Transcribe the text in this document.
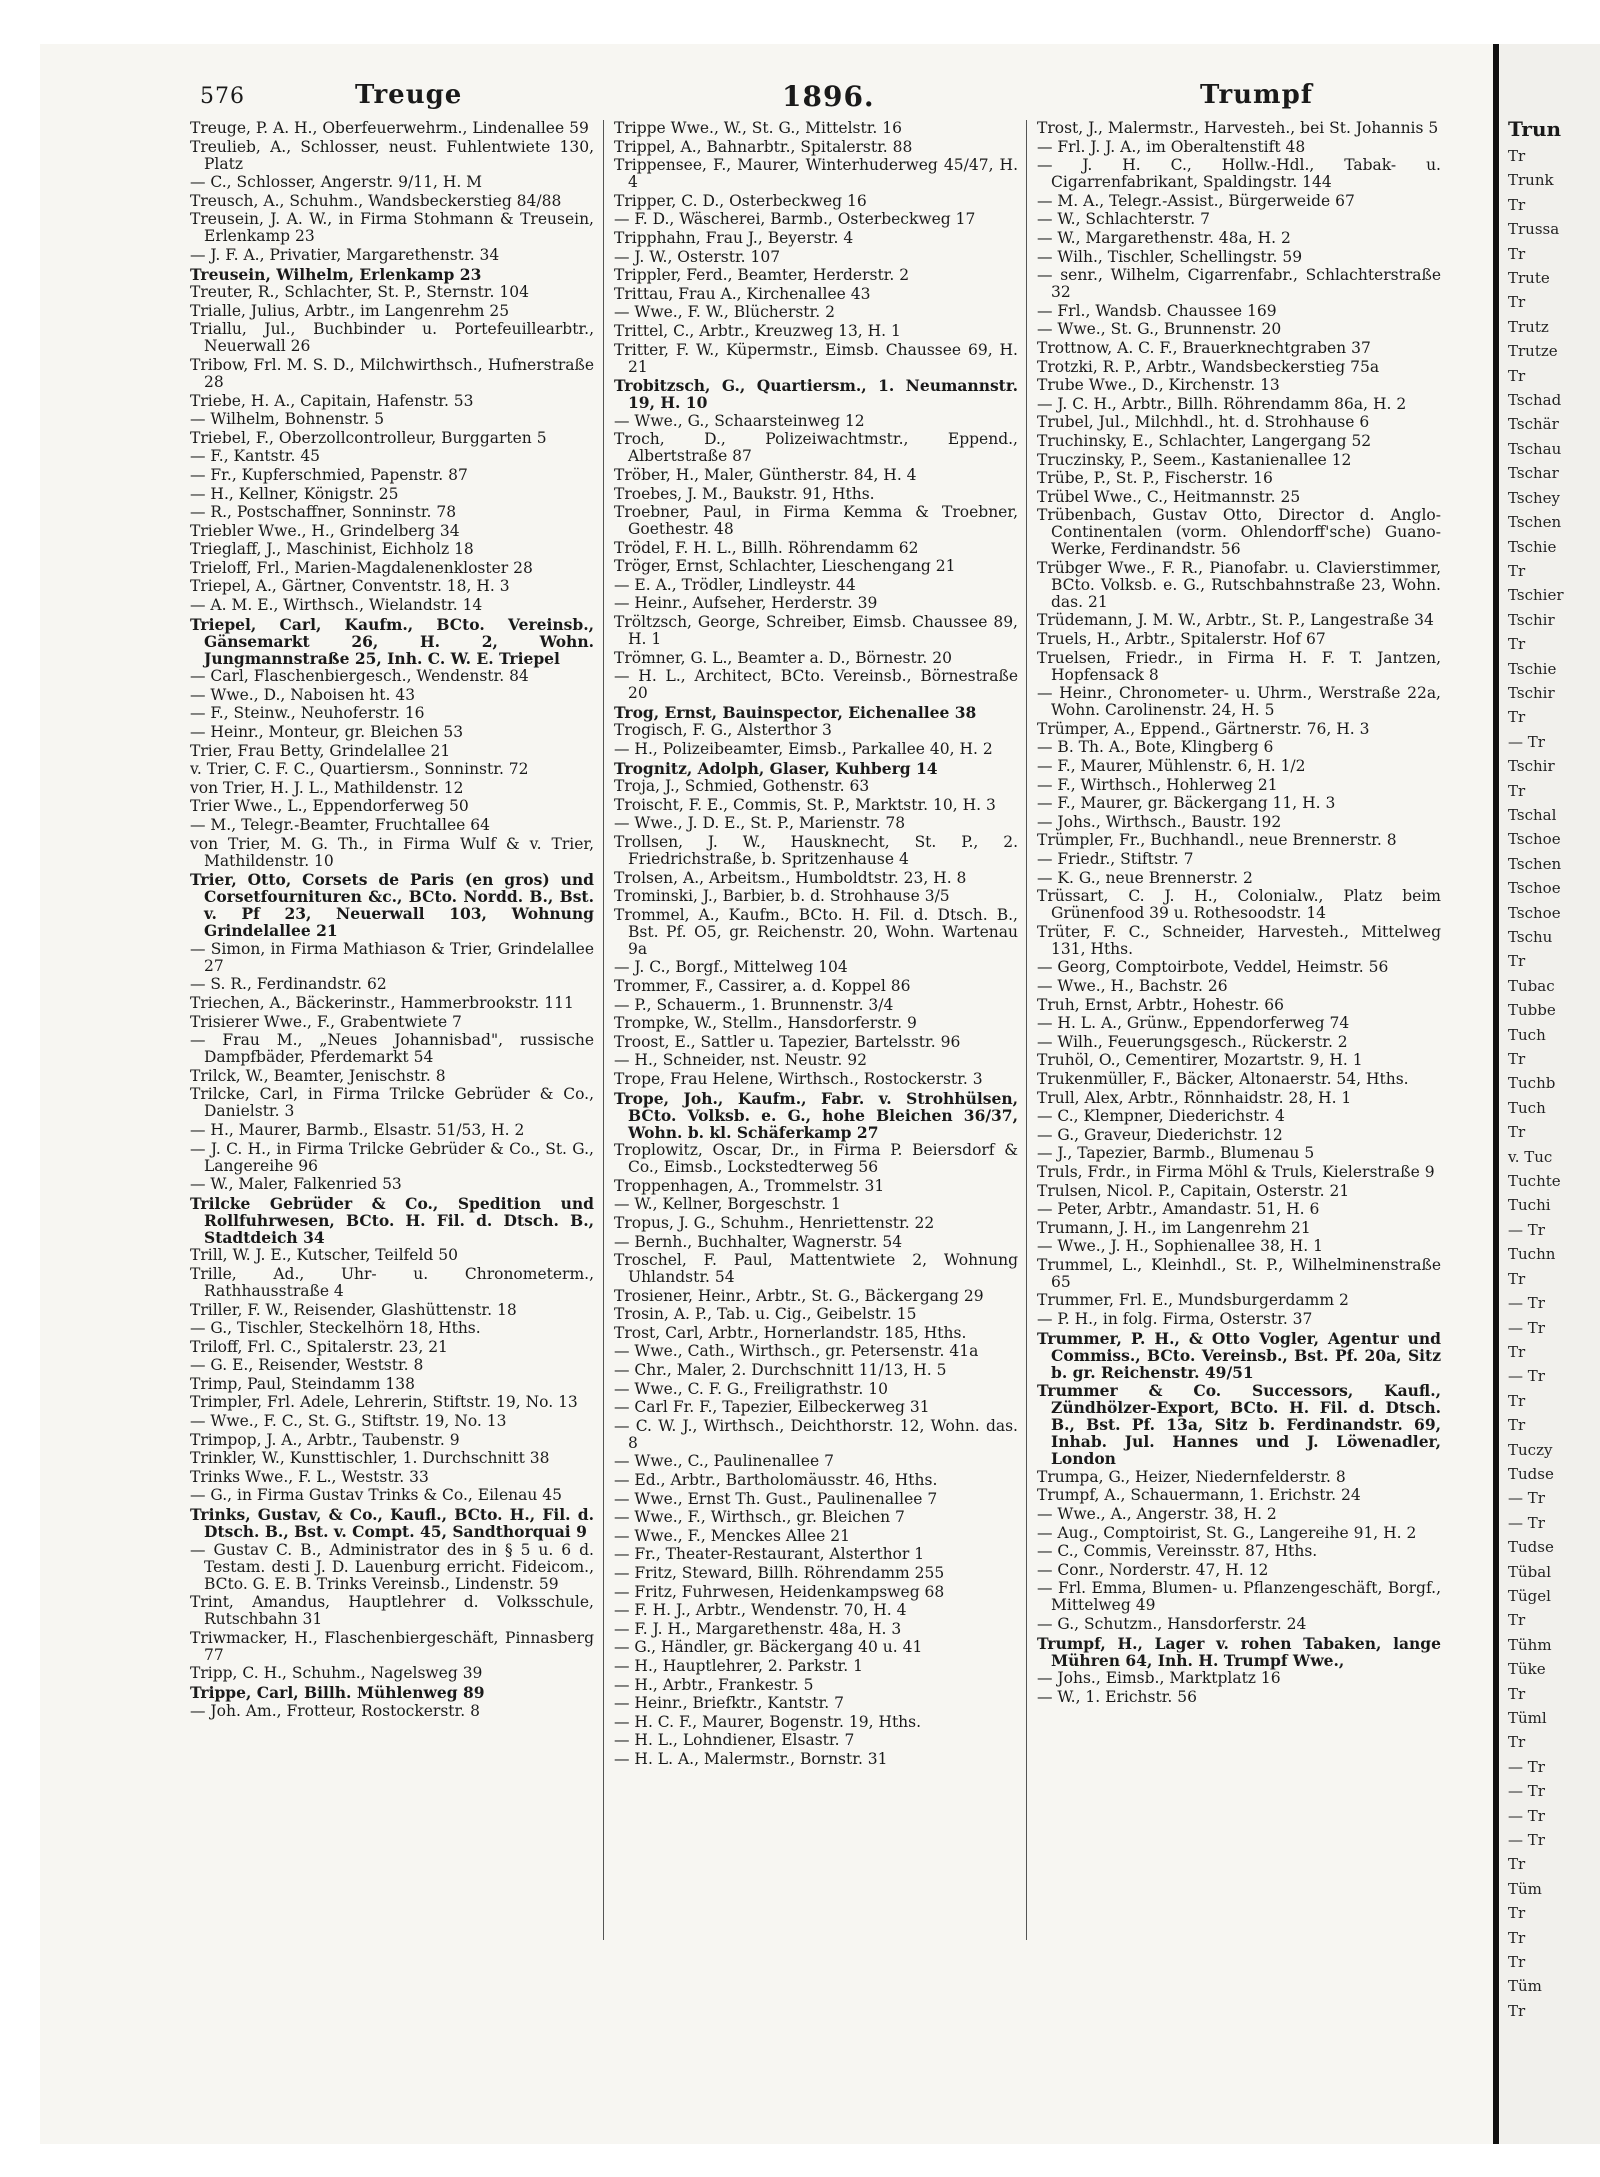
Trun
Tr
Trunk
Tr
Trussa
Tr
Trute
Tr
Trutz
Trutze
Tr
Tschad
Tschär
Tschau
Tschar
Tschey
Tschen
Tschie
Tr
Tschier
Tschir
Tr
Tschie
Tschir
Tr
— Tr
Tschir
Tr
Tschal
Tschoe
Tschen
Tschoe
Tschoe
Tschu
Tr
Tubac
Tubbe
Tuch
Tr
Tuchb
Tuch
Tr
v. Tuc
Tuchte
Tuchi
— Tr
Tuchn
Tr
— Tr
— Tr
Tr
— Tr
Tr
Tr
Tuczy
Tudse
— Tr
— Tr
Tudse
Tübal
Tügel
Tr
Tühm
Tüke
Tr
Tüml
Tr
— Tr
— Tr
— Tr
— Tr
Tr
Tüm
Tr
Tr
Tr
Tüm
Tr
576	Treuge	1896.	Trumpf
Treuge, P. A. H., Oberfeuerwehrm., Lindenallee 59
Treulieb, A., Schlosser, neust. Fuhlentwiete 130, Platz
— C., Schlosser, Angerstr. 9/11, H. M
Treusch, A., Schuhm., Wandsbeckerstieg 84/88
Treusein, J. A. W., in Firma Stohmann & Treusein, Erlenkamp 23
— J. F. A., Privatier, Margarethenstr. 34
Treusein, Wilhelm, Erlenkamp 23
Treuter, R., Schlachter, St. P., Sternstr. 104
Trialle, Julius, Arbtr., im Langenrehm 25
Triallu, Jul., Buchbinder u. Portefeuillearbtr., Neuerwall 26
Tribow, Frl. M. S. D., Milchwirthsch., Hufnerstraße 28
Triebe, H. A., Capitain, Hafenstr. 53
— Wilhelm, Bohnenstr. 5
Triebel, F., Oberzollcontrolleur, Burggarten 5
— F., Kantstr. 45
— Fr., Kupferschmied, Papenstr. 87
— H., Kellner, Königstr. 25
— R., Postschaffner, Sonninstr. 78
Triebler Wwe., H., Grindelberg 34
Trieglaff, J., Maschinist, Eichholz 18
Trieloff, Frl., Marien-Magdalenenkloster 28
Triepel, A., Gärtner, Conventstr. 18, H. 3
— A. M. E., Wirthsch., Wielandstr. 14
Triepel, Carl, Kaufm., BCto. Vereinsb., Gänsemarkt 26, H. 2, Wohn. Jungmannstraße 25, Inh. C. W. E. Triepel
— Carl, Flaschenbiergesch., Wendenstr. 84
— Wwe., D., Naboisen ht. 43
— F., Steinw., Neuhoferstr. 16
— Heinr., Monteur, gr. Bleichen 53
Trier, Frau Betty, Grindelallee 21
v. Trier, C. F. C., Quartiersm., Sonninstr. 72
von Trier, H. J. L., Mathildenstr. 12
Trier Wwe., L., Eppendorferweg 50
— M., Telegr.-Beamter, Fruchtallee 64
von Trier, M. G. Th., in Firma Wulf & v. Trier, Mathildenstr. 10
Trier, Otto, Corsets de Paris (en gros) und Corsetfournituren &c., BCto. Nordd. B., Bst. v. Pf 23, Neuerwall 103, Wohnung Grindelallee 21
— Simon, in Firma Mathiason & Trier, Grindelallee 27
— S. R., Ferdinandstr. 62
Triechen, A., Bäckerinstr., Hammerbrookstr. 111
Trisierer Wwe., F., Grabentwiete 7
— Frau M., „Neues Johannisbad", russische Dampfbäder, Pferdemarkt 54
Trilck, W., Beamter, Jenischstr. 8
Trilcke, Carl, in Firma Trilcke Gebrüder & Co., Danielstr. 3
— H., Maurer, Barmb., Elsastr. 51/53, H. 2
— J. C. H., in Firma Trilcke Gebrüder & Co., St. G., Langereihe 96
— W., Maler, Falkenried 53
Trilcke Gebrüder & Co., Spedition und Rollfuhrwesen, BCto. H. Fil. d. Dtsch. B., Stadtdeich 34
Trill, W. J. E., Kutscher, Teilfeld 50
Trille, Ad., Uhr- u. Chronometerm., Rathhausstraße 4
Triller, F. W., Reisender, Glashüttenstr. 18
— G., Tischler, Steckelhörn 18, Hths.
Triloff, Frl. C., Spitalerstr. 23, 21
— G. E., Reisender, Weststr. 8
Trimp, Paul, Steindamm 138
Trimpler, Frl. Adele, Lehrerin, Stiftstr. 19, No. 13
— Wwe., F. C., St. G., Stiftstr. 19, No. 13
Trimpop, J. A., Arbtr., Taubenstr. 9
Trinkler, W., Kunsttischler, 1. Durchschnitt 38
Trinks Wwe., F. L., Weststr. 33
— G., in Firma Gustav Trinks & Co., Eilenau 45
Trinks, Gustav, & Co., Kaufl., BCto. H., Fil. d. Dtsch. B., Bst. v. Compt. 45, Sandthorquai 9
— Gustav C. B., Administrator des in § 5 u. 6 d. Testam. desti J. D. Lauenburg erricht. Fideicom., BCto. G. E. B. Trinks Vereinsb., Lindenstr. 59
Trint, Amandus, Hauptlehrer d. Volksschule, Rutschbahn 31
Triwmacker, H., Flaschenbiergeschäft, Pinnasberg 77
Tripp, C. H., Schuhm., Nagelsweg 39
Trippe, Carl, Billh. Mühlenweg 89
— Joh. Am., Frotteur, Rostockerstr. 8
Trippe Wwe., W., St. G., Mittelstr. 16
Trippel, A., Bahnarbtr., Spitalerstr. 88
Trippensee, F., Maurer, Winterhuderweg 45/47, H. 4
Tripper, C. D., Osterbeckweg 16
— F. D., Wäscherei, Barmb., Osterbeckweg 17
Tripphahn, Frau J., Beyerstr. 4
— J. W., Osterstr. 107
Trippler, Ferd., Beamter, Herderstr. 2
Trittau, Frau A., Kirchenallee 43
— Wwe., F. W., Blücherstr. 2
Trittel, C., Arbtr., Kreuzweg 13, H. 1
Tritter, F. W., Küpermstr., Eimsb. Chaussee 69, H. 21
Trobitzsch, G., Quartiersm., 1. Neumannstr. 19, H. 10
— Wwe., G., Schaarsteinweg 12
Troch, D., Polizeiwachtmstr., Eppend., Albertstraße 87
Tröber, H., Maler, Güntherstr. 84, H. 4
Troebes, J. M., Baukstr. 91, Hths.
Troebner, Paul, in Firma Kemma & Troebner, Goethestr. 48
Trödel, F. H. L., Billh. Röhrendamm 62
Tröger, Ernst, Schlachter, Lieschengang 21
— E. A., Trödler, Lindleystr. 44
— Heinr., Aufseher, Herderstr. 39
Tröltzsch, George, Schreiber, Eimsb. Chaussee 89, H. 1
Trömner, G. L., Beamter a. D., Börnestr. 20
— H. L., Architect, BCto. Vereinsb., Börnestraße 20
Trog, Ernst, Bauinspector, Eichenallee 38
Trogisch, F. G., Alsterthor 3
— H., Polizeibeamter, Eimsb., Parkallee 40, H. 2
Trognitz, Adolph, Glaser, Kuhberg 14
Troja, J., Schmied, Gothenstr. 63
Troischt, F. E., Commis, St. P., Marktstr. 10, H. 3
— Wwe., J. D. E., St. P., Marienstr. 78
Trollsen, J. W., Hausknecht, St. P., 2. Friedrichstraße, b. Spritzenhause 4
Trolsen, A., Arbeitsm., Humboldtstr. 23, H. 8
Trominski, J., Barbier, b. d. Strohhause 3/5
Trommel, A., Kaufm., BCto. H. Fil. d. Dtsch. B., Bst. Pf. O5, gr. Reichenstr. 20, Wohn. Wartenau 9a
— J. C., Borgf., Mittelweg 104
Trommer, F., Cassirer, a. d. Koppel 86
— P., Schauerm., 1. Brunnenstr. 3/4
Trompke, W., Stellm., Hansdorferstr. 9
Troost, E., Sattler u. Tapezier, Bartelsstr. 96
— H., Schneider, nst. Neustr. 92
Trope, Frau Helene, Wirthsch., Rostockerstr. 3
Trope, Joh., Kaufm., Fabr. v. Strohhülsen, BCto. Volksb. e. G., hohe Bleichen 36/37, Wohn. b. kl. Schäferkamp 27
Troplowitz, Oscar, Dr., in Firma P. Beiersdorf & Co., Eimsb., Lockstedterweg 56
Troppenhagen, A., Trommelstr. 31
— W., Kellner, Borgeschstr. 1
Tropus, J. G., Schuhm., Henriettenstr. 22
— Bernh., Buchhalter, Wagnerstr. 54
Troschel, F. Paul, Mattentwiete 2, Wohnung Uhlandstr. 54
Trosiener, Heinr., Arbtr., St. G., Bäckergang 29
Trosin, A. P., Tab. u. Cig., Geibelstr. 15
Trost, Carl, Arbtr., Hornerlandstr. 185, Hths.
— Wwe., Cath., Wirthsch., gr. Petersenstr. 41a
— Chr., Maler, 2. Durchschnitt 11/13, H. 5
— Wwe., C. F. G., Freiligrathstr. 10
— Carl Fr. F., Tapezier, Eilbeckerweg 31
— C. W. J., Wirthsch., Deichthorstr. 12, Wohn. das. 8
— Wwe., C., Paulinenallee 7
— Ed., Arbtr., Bartholomäusstr. 46, Hths.
— Wwe., Ernst Th. Gust., Paulinenallee 7
— Wwe., F., Wirthsch., gr. Bleichen 7
— Wwe., F., Menckes Allee 21
— Fr., Theater-Restaurant, Alsterthor 1
— Fritz, Steward, Billh. Röhrendamm 255
— Fritz, Fuhrwesen, Heidenkampsweg 68
— F. H. J., Arbtr., Wendenstr. 70, H. 4
— F. J. H., Margarethenstr. 48a, H. 3
— G., Händler, gr. Bäckergang 40 u. 41
— H., Hauptlehrer, 2. Parkstr. 1
— H., Arbtr., Frankestr. 5
— Heinr., Briefktr., Kantstr. 7
— H. C. F., Maurer, Bogenstr. 19, Hths.
— H. L., Lohndiener, Elsastr. 7
— H. L. A., Malermstr., Bornstr. 31
Trost, J., Malermstr., Harvesteh., bei St. Johannis 5
— Frl. J. J. A., im Oberaltenstift 48
— J. H. C., Hollw.-Hdl., Tabak- u. Cigarrenfabrikant, Spaldingstr. 144
— M. A., Telegr.-Assist., Bürgerweide 67
— W., Schlachterstr. 7
— W., Margarethenstr. 48a, H. 2
— Wilh., Tischler, Schellingstr. 59
— senr., Wilhelm, Cigarrenfabr., Schlachterstraße 32
— Frl., Wandsb. Chaussee 169
— Wwe., St. G., Brunnenstr. 20
Trottnow, A. C. F., Brauerknechtgraben 37
Trotzki, R. P., Arbtr., Wandsbeckerstieg 75a
Trube Wwe., D., Kirchenstr. 13
— J. C. H., Arbtr., Billh. Röhrendamm 86a, H. 2
Trubel, Jul., Milchhdl., ht. d. Strohhause 6
Truchinsky, E., Schlachter, Langergang 52
Truczinsky, P., Seem., Kastanienallee 12
Trübe, P., St. P., Fischerstr. 16
Trübel Wwe., C., Heitmannstr. 25
Trübenbach, Gustav Otto, Director d. Anglo-Continentalen (vorm. Ohlendorff'sche) Guano-Werke, Ferdinandstr. 56
Trübger Wwe., F. R., Pianofabr. u. Clavierstimmer, BCto. Volksb. e. G., Rutschbahnstraße 23, Wohn. das. 21
Trüdemann, J. M. W., Arbtr., St. P., Langestraße 34
Truels, H., Arbtr., Spitalerstr. Hof 67
Truelsen, Friedr., in Firma H. F. T. Jantzen, Hopfensack 8
— Heinr., Chronometer- u. Uhrm., Werstraße 22a, Wohn. Carolinenstr. 24, H. 5
Trümper, A., Eppend., Gärtnerstr. 76, H. 3
— B. Th. A., Bote, Klingberg 6
— F., Maurer, Mühlenstr. 6, H. 1/2
— F., Wirthsch., Hohlerweg 21
— F., Maurer, gr. Bäckergang 11, H. 3
— Johs., Wirthsch., Baustr. 192
Trümpler, Fr., Buchhandl., neue Brennerstr. 8
— Friedr., Stiftstr. 7
— K. G., neue Brennerstr. 2
Trüssart, C. J. H., Colonialw., Platz beim Grünenfood 39 u. Rothesoodstr. 14
Trüter, F. C., Schneider, Harvesteh., Mittelweg 131, Hths.
— Georg, Comptoirbote, Veddel, Heimstr. 56
— Wwe., H., Bachstr. 26
Truh, Ernst, Arbtr., Hohestr. 66
— H. L. A., Grünw., Eppendorferweg 74
— Wilh., Feuerungsgesch., Rückerstr. 2
Truhöl, O., Cementirer, Mozartstr. 9, H. 1
Trukenmüller, F., Bäcker, Altonaerstr. 54, Hths.
Trull, Alex, Arbtr., Rönnhaidstr. 28, H. 1
— C., Klempner, Diederichstr. 4
— G., Graveur, Diederichstr. 12
— J., Tapezier, Barmb., Blumenau 5
Truls, Frdr., in Firma Möhl & Truls, Kielerstraße 9
Trulsen, Nicol. P., Capitain, Osterstr. 21
— Peter, Arbtr., Amandastr. 51, H. 6
Trumann, J. H., im Langenrehm 21
— Wwe., J. H., Sophienallee 38, H. 1
Trummel, L., Kleinhdl., St. P., Wilhelminenstraße 65
Trummer, Frl. E., Mundsburgerdamm 2
— P. H., in folg. Firma, Osterstr. 37
Trummer, P. H., & Otto Vogler, Agentur und Commiss., BCto. Vereinsb., Bst. Pf. 20a, Sitz b. gr. Reichenstr. 49/51
Trummer & Co. Successors, Kaufl., Zündhölzer-Export, BCto. H. Fil. d. Dtsch. B., Bst. Pf. 13a, Sitz b. Ferdinandstr. 69, Inhab. Jul. Hannes und J. Löwenadler, London
Trumpa, G., Heizer, Niedernfelderstr. 8
Trumpf, A., Schauermann, 1. Erichstr. 24
— Wwe., A., Angerstr. 38, H. 2
— Aug., Comptoirist, St. G., Langereihe 91, H. 2
— C., Commis, Vereinsstr. 87, Hths.
— Conr., Norderstr. 47, H. 12
— Frl. Emma, Blumen- u. Pflanzengeschäft, Borgf., Mittelweg 49
— G., Schutzm., Hansdorferstr. 24
Trumpf, H., Lager v. rohen Tabaken, lange Mühren 64, Inh. H. Trumpf Wwe.,
— Johs., Eimsb., Marktplatz 16
— W., 1. Erichstr. 56
